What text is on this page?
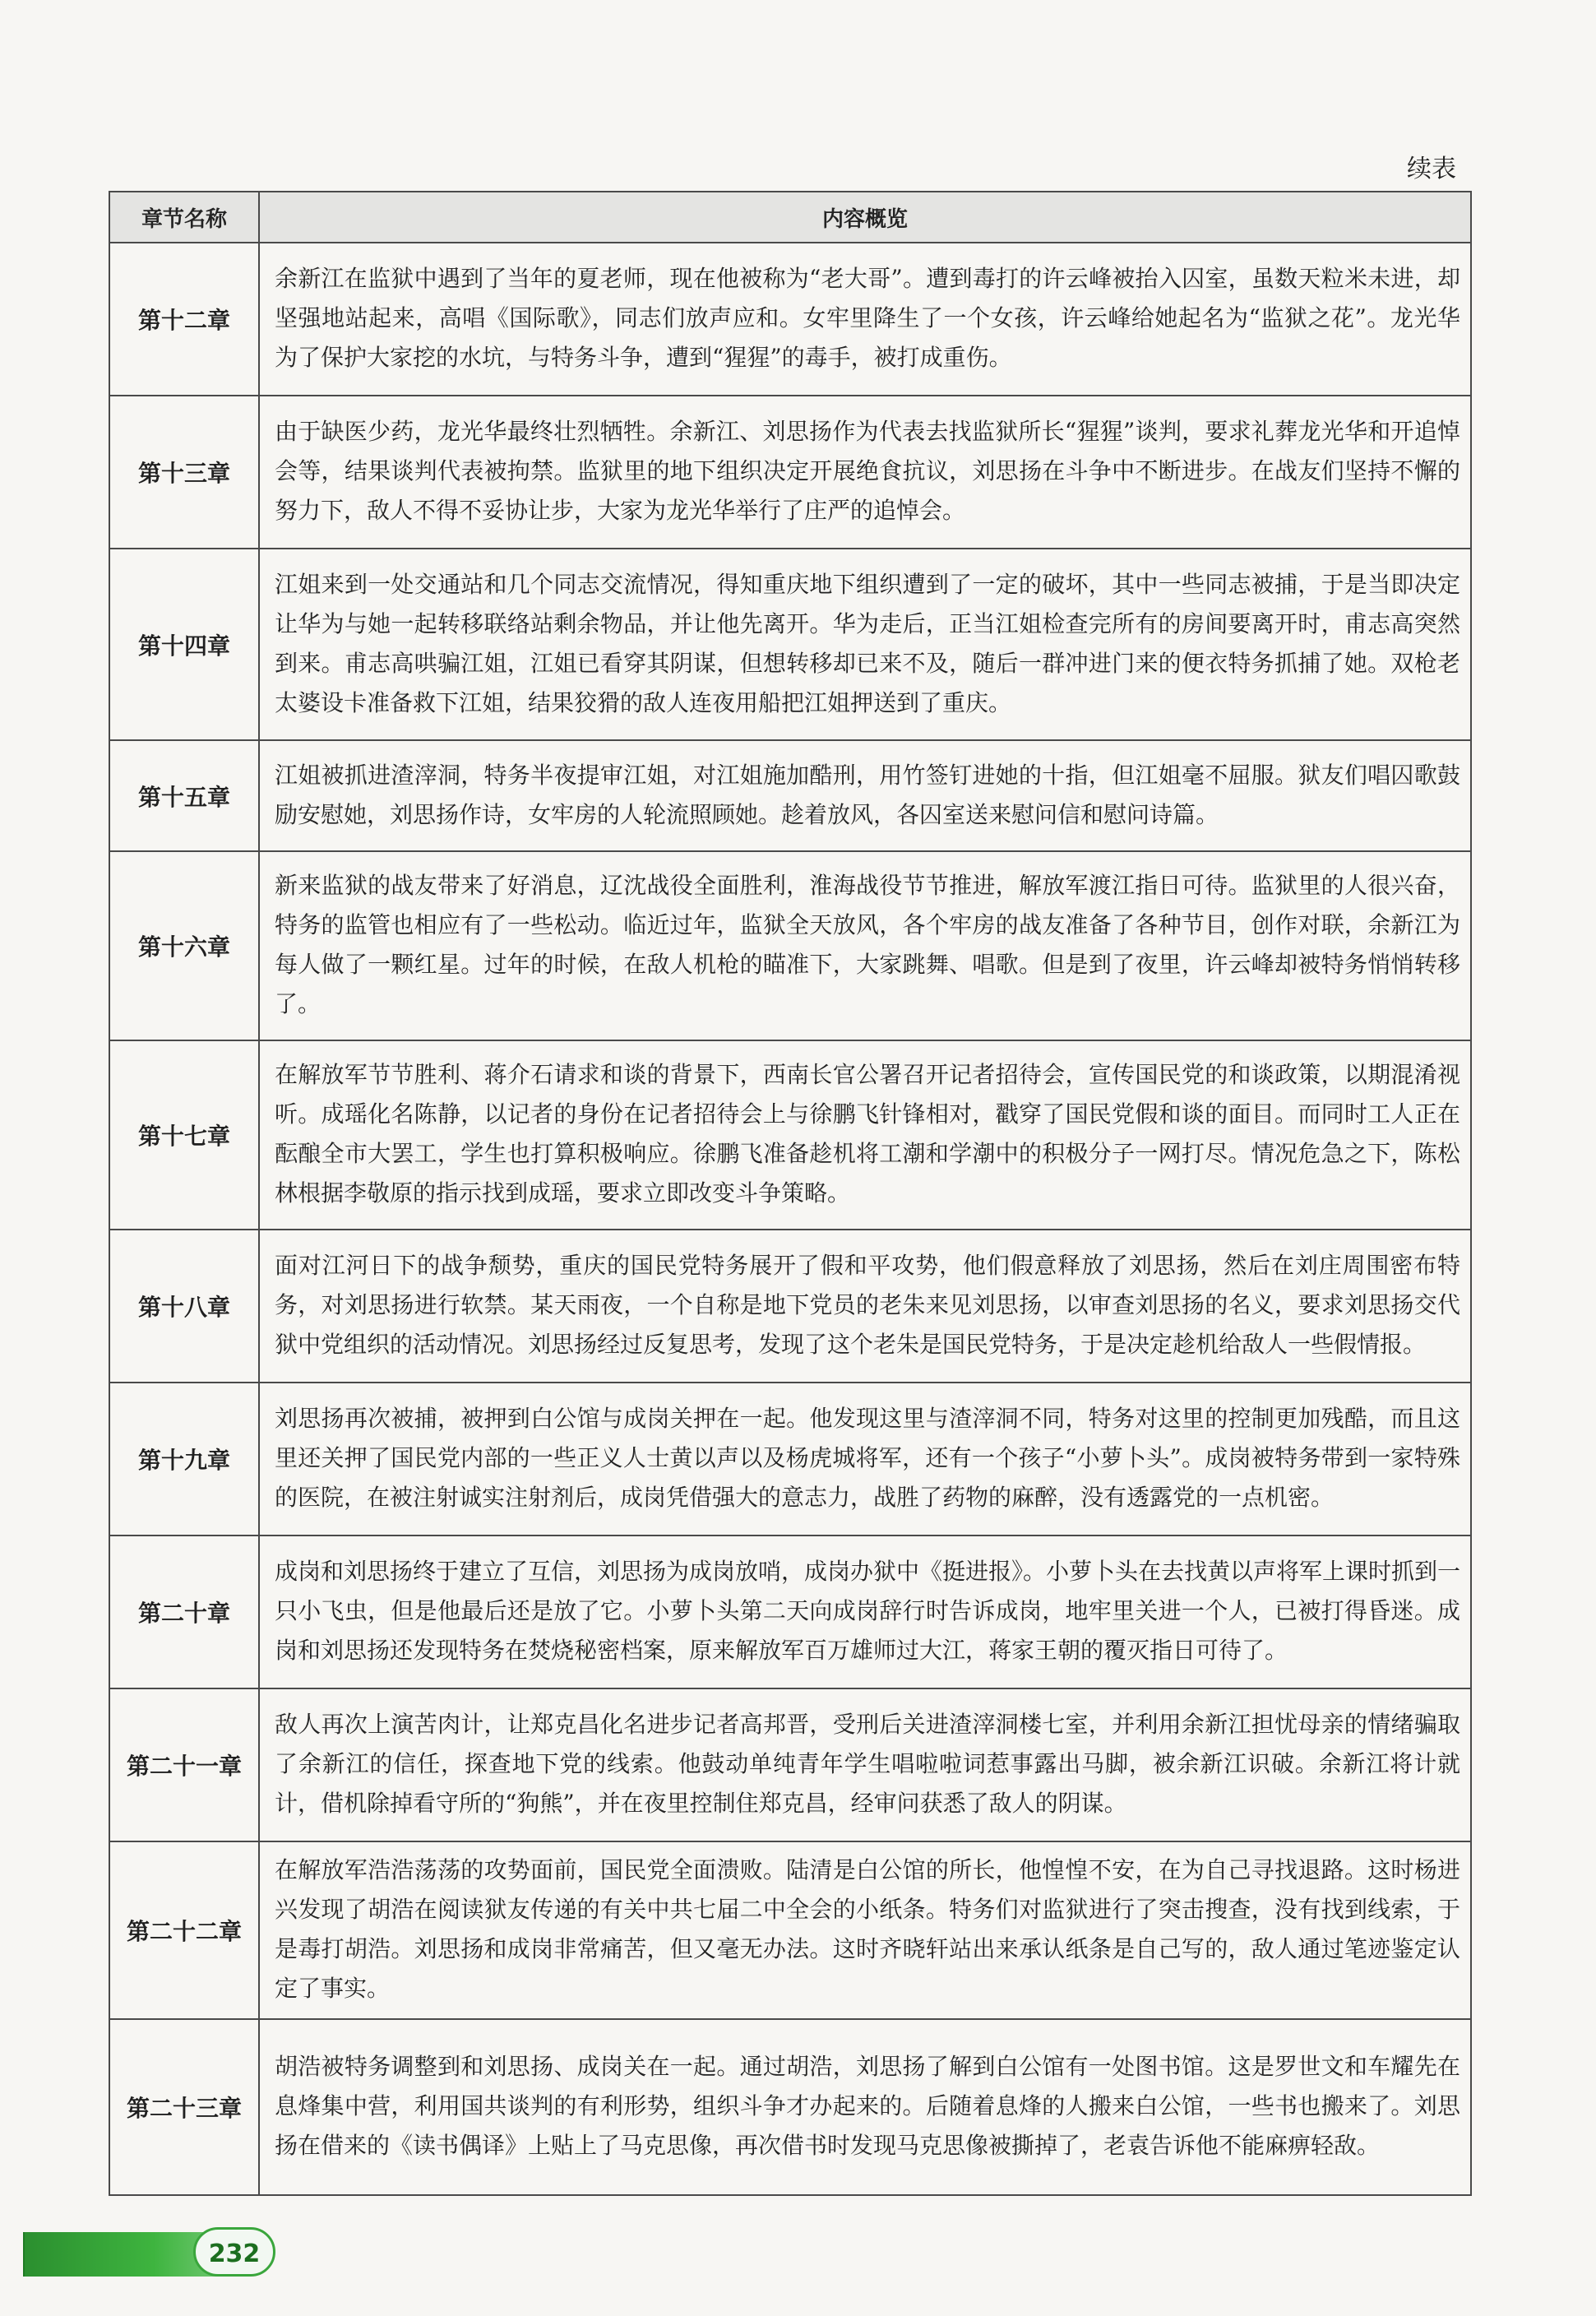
续表
章节名称	内容概览
第十二章	余新江在监狱中遇到了当年的夏老师，现在他被称为“老大哥”。遭到毒打的许云峰被抬入囚室，虽数天粒米未进，却坚强地站起来，高唱《国际歌》，同志们放声应和。女牢里降生了一个女孩，许云峰给她起名为“监狱之花”。龙光华为了保护大家挖的水坑，与特务斗争，遭到“猩猩”的毒手，被打成重伤。
第十三章	由于缺医少药，龙光华最终壮烈牺牲。余新江、刘思扬作为代表去找监狱所长“猩猩”谈判，要求礼葬龙光华和开追悼会等，结果谈判代表被拘禁。监狱里的地下组织决定开展绝食抗议，刘思扬在斗争中不断进步。在战友们坚持不懈的努力下，敌人不得不妥协让步，大家为龙光华举行了庄严的追悼会。
第十四章	江姐来到一处交通站和几个同志交流情况，得知重庆地下组织遭到了一定的破坏，其中一些同志被捕，于是当即决定让华为与她一起转移联络站剩余物品，并让他先离开。华为走后，正当江姐检查完所有的房间要离开时，甫志高突然到来。甫志高哄骗江姐，江姐已看穿其阴谋，但想转移却已来不及，随后一群冲进门来的便衣特务抓捕了她。双枪老太婆设卡准备救下江姐，结果狡猾的敌人连夜用船把江姐押送到了重庆。
第十五章	江姐被抓进渣滓洞，特务半夜提审江姐，对江姐施加酷刑，用竹签钉进她的十指，但江姐毫不屈服。狱友们唱囚歌鼓励安慰她，刘思扬作诗，女牢房的人轮流照顾她。趁着放风，各囚室送来慰问信和慰问诗篇。
第十六章	新来监狱的战友带来了好消息，辽沈战役全面胜利，淮海战役节节推进，解放军渡江指日可待。监狱里的人很兴奋，特务的监管也相应有了一些松动。临近过年，监狱全天放风，各个牢房的战友准备了各种节目，创作对联，余新江为每人做了一颗红星。过年的时候，在敌人机枪的瞄准下，大家跳舞、唱歌。但是到了夜里，许云峰却被特务悄悄转移了。
第十七章	在解放军节节胜利、蒋介石请求和谈的背景下，西南长官公署召开记者招待会，宣传国民党的和谈政策，以期混淆视听。成瑶化名陈静，以记者的身份在记者招待会上与徐鹏飞针锋相对，戳穿了国民党假和谈的面目。而同时工人正在酝酿全市大罢工，学生也打算积极响应。徐鹏飞准备趁机将工潮和学潮中的积极分子一网打尽。情况危急之下，陈松林根据李敬原的指示找到成瑶，要求立即改变斗争策略。
第十八章	面对江河日下的战争颓势，重庆的国民党特务展开了假和平攻势，他们假意释放了刘思扬，然后在刘庄周围密布特务，对刘思扬进行软禁。某天雨夜，一个自称是地下党员的老朱来见刘思扬，以审查刘思扬的名义，要求刘思扬交代狱中党组织的活动情况。刘思扬经过反复思考，发现了这个老朱是国民党特务，于是决定趁机给敌人一些假情报。
第十九章	刘思扬再次被捕，被押到白公馆与成岗关押在一起。他发现这里与渣滓洞不同，特务对这里的控制更加残酷，而且这里还关押了国民党内部的一些正义人士黄以声以及杨虎城将军，还有一个孩子“小萝卜头”。成岗被特务带到一家特殊的医院，在被注射诚实注射剂后，成岗凭借强大的意志力，战胜了药物的麻醉，没有透露党的一点机密。
第二十章	成岗和刘思扬终于建立了互信，刘思扬为成岗放哨，成岗办狱中《挺进报》。小萝卜头在去找黄以声将军上课时抓到一只小飞虫，但是他最后还是放了它。小萝卜头第二天向成岗辞行时告诉成岗，地牢里关进一个人，已被打得昏迷。成岗和刘思扬还发现特务在焚烧秘密档案，原来解放军百万雄师过大江，蒋家王朝的覆灭指日可待了。
第二十一章	敌人再次上演苦肉计，让郑克昌化名进步记者高邦晋，受刑后关进渣滓洞楼七室，并利用余新江担忧母亲的情绪骗取了余新江的信任，探查地下党的线索。他鼓动单纯青年学生唱啦啦词惹事露出马脚，被余新江识破。余新江将计就计，借机除掉看守所的“狗熊”，并在夜里控制住郑克昌，经审问获悉了敌人的阴谋。
第二十二章	在解放军浩浩荡荡的攻势面前，国民党全面溃败。陆清是白公馆的所长，他惶惶不安，在为自己寻找退路。这时杨进兴发现了胡浩在阅读狱友传递的有关中共七届二中全会的小纸条。特务们对监狱进行了突击搜查，没有找到线索，于是毒打胡浩。刘思扬和成岗非常痛苦，但又毫无办法。这时齐晓轩站出来承认纸条是自己写的，敌人通过笔迹鉴定认定了事实。
第二十三章	胡浩被特务调整到和刘思扬、成岗关在一起。通过胡浩，刘思扬了解到白公馆有一处图书馆。这是罗世文和车耀先在息烽集中营，利用国共谈判的有利形势，组织斗争才办起来的。后随着息烽的人搬来白公馆，一些书也搬来了。刘思扬在借来的《读书偶译》上贴上了马克思像，再次借书时发现马克思像被撕掉了，老袁告诉他不能麻痹轻敌。
232
